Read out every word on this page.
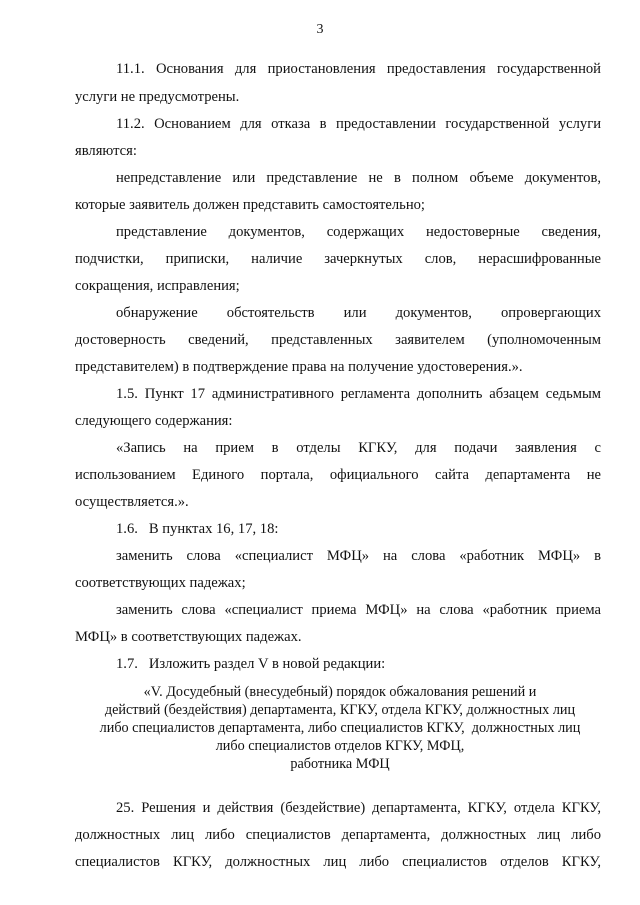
3
11.1. Основания для приостановления предоставления государственной
услуги не предусмотрены.
11.2. Основанием для отказа в предоставлении государственной услуги
являются:
непредставление или представление не в полном объеме документов,
которые заявитель должен представить самостоятельно;
представление документов, содержащих недостоверные сведения,
подчистки, приписки, наличие зачеркнутых слов, нерасшифрованные
сокращения, исправления;
обнаружение обстоятельств или документов, опровергающих
достоверность сведений, представленных заявителем (уполномоченным
представителем) в подтверждение права на получение удостоверения.».
1.5. Пункт 17 административного регламента дополнить абзацем седьмым
следующего содержания:
«Запись на прием в отделы КГКУ, для подачи заявления с
использованием Единого портала, официального сайта департамента не
осуществляется.».
1.6.   В пунктах 16, 17, 18:
заменить слова «специалист МФЦ» на слова «работник МФЦ» в
соответствующих падежах;
заменить слова «специалист приема МФЦ» на слова «работник приема
МФЦ» в соответствующих падежах.
1.7.   Изложить раздел V в новой редакции:
«V. Досудебный (внесудебный) порядок обжалования решений и
действий (бездействия) департамента, КГКУ, отдела КГКУ, должностных лиц
либо специалистов департамента, либо специалистов КГКУ,  должностных лиц
либо специалистов отделов КГКУ, МФЦ,
работника МФЦ
25. Решения и действия (бездействие) департамента, КГКУ, отдела КГКУ,
должностных лиц либо специалистов департамента, должностных лиц либо
специалистов КГКУ, должностных лиц либо специалистов отделов КГКУ,
